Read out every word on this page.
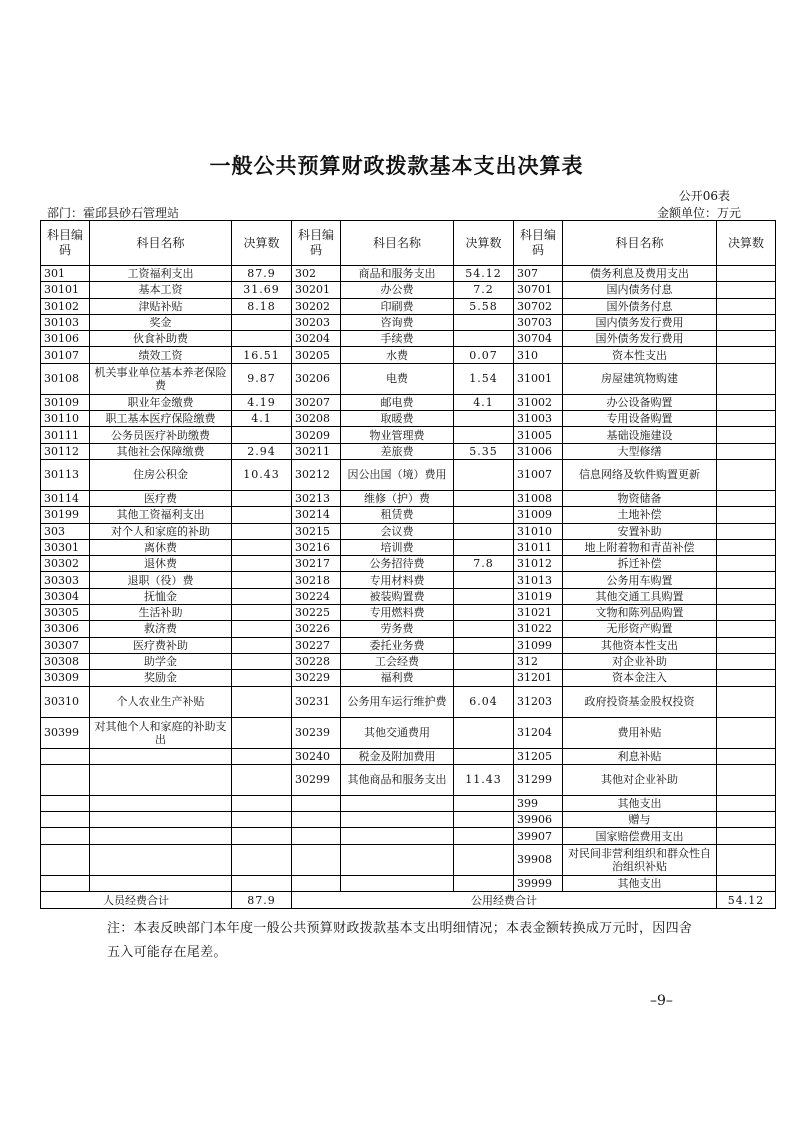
一般公共预算财政拨款基本支出决算表
公开06表
部门：霍邱县砂石管理站	金额单位：万元
科目编码	科目名称	决算数	科目编码	科目名称	决算数	科目编码	科目名称	决算数
301	工资福利支出	87.9	302	商品和服务支出	54.12	307	债务利息及费用支出	
30101	基本工资	31.69	30201	办公费	7.2	30701	国内债务付息	
30102	津贴补贴	8.18	30202	印刷费	5.58	30702	国外债务付息	
30103	奖金		30203	咨询费		30703	国内债务发行费用	
30106	伙食补助费		30204	手续费		30704	国外债务发行费用	
30107	绩效工资	16.51	30205	水费	0.07	310	资本性支出	
30108	机关事业单位基本养老保险费	9.87	30206	电费	1.54	31001	房屋建筑物购建	
30109	职业年金缴费	4.19	30207	邮电费	4.1	31002	办公设备购置	
30110	职工基本医疗保险缴费	4.1	30208	取暖费		31003	专用设备购置	
30111	公务员医疗补助缴费		30209	物业管理费		31005	基础设施建设	
30112	其他社会保障缴费	2.94	30211	差旅费	5.35	31006	大型修缮	
30113	住房公积金	10.43	30212	因公出国（境）费用		31007	信息网络及软件购置更新	
30114	医疗费		30213	维修（护）费		31008	物资储备	
30199	其他工资福利支出		30214	租赁费		31009	土地补偿	
303	对个人和家庭的补助		30215	会议费		31010	安置补助	
30301	离休费		30216	培训费		31011	地上附着物和青苗补偿	
30302	退休费		30217	公务招待费	7.8	31012	拆迁补偿	
30303	退职（役）费		30218	专用材料费		31013	公务用车购置	
30304	抚恤金		30224	被装购置费		31019	其他交通工具购置	
30305	生活补助		30225	专用燃料费		31021	文物和陈列品购置	
30306	救济费		30226	劳务费		31022	无形资产购置	
30307	医疗费补助		30227	委托业务费		31099	其他资本性支出	
30308	助学金		30228	工会经费		312	对企业补助	
30309	奖励金		30229	福利费		31201	资本金注入	
30310	个人农业生产补贴		30231	公务用车运行维护费	6.04	31203	政府投资基金股权投资	
30399	对其他个人和家庭的补助支出		30239	其他交通费用		31204	费用补贴	
			30240	税金及附加费用		31205	利息补贴	
			30299	其他商品和服务支出	11.43	31299	其他对企业补助	
						399	其他支出	
						39906	赠与	
						39907	国家赔偿费用支出	
						39908	对民间非营利组织和群众性自治组织补贴	
						39999	其他支出	
人员经费合计		87.9	公用经费合计					54.12
注：本表反映部门本年度一般公共预算财政拨款基本支出明细情况；本表金额转换成万元时，因四舍五入可能存在尾差。
–9–
